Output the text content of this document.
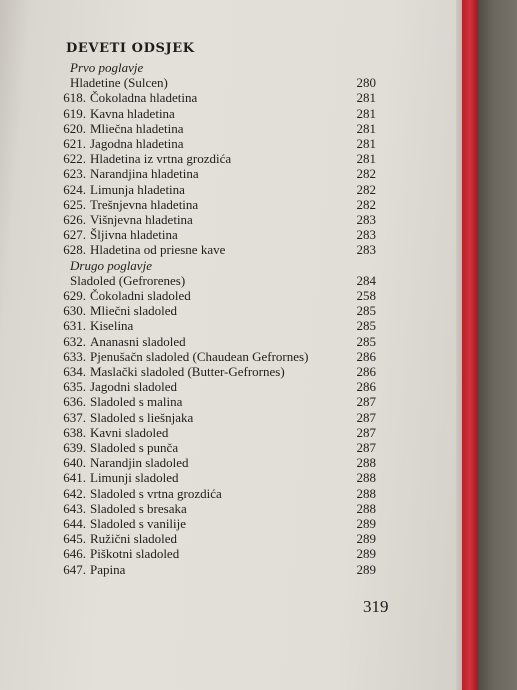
DEVETI ODSJEK
Prvo poglavje
Hladetine (Sulcen)	280
618. Čokoladna hladetina	281
619. Kavna hladetina	281
620. Mliečna hladetina	281
621. Jagodna hladetina	281
622. Hladetina iz vrtna grozdića	281
623. Narandjina hladetina	282
624. Limunja hladetina	282
625. Trešnjevna hladetina	282
626. Višnjevna hladetina	283
627. Šljivna hladetina	283
628. Hladetina od priesne kave	283
Drugo poglavje
Sladoled (Gefrorenes)	284
629. Čokoladni sladoled	258
630. Mliečni sladoled	285
631. Kiselina	285
632. Ananasni sladoled	285
633. Pjenušačn sladoled (Chaudean Gefrornes)	286
634. Maslački sladoled (Butter-Gefrornes)	286
635. Jagodni sladoled	286
636. Sladoled s malina	287
637. Sladoled s liešnjaka	287
638. Kavni sladoled	287
639. Sladoled s punča	287
640. Narandjin sladoled	288
641. Limunji sladoled	288
642. Sladoled s vrtna grozdića	288
643. Sladoled s bresaka	288
644. Sladoled s vanilije	289
645. Ružični sladoled	289
646. Piškotni sladoled	289
647. Papina	289
319
